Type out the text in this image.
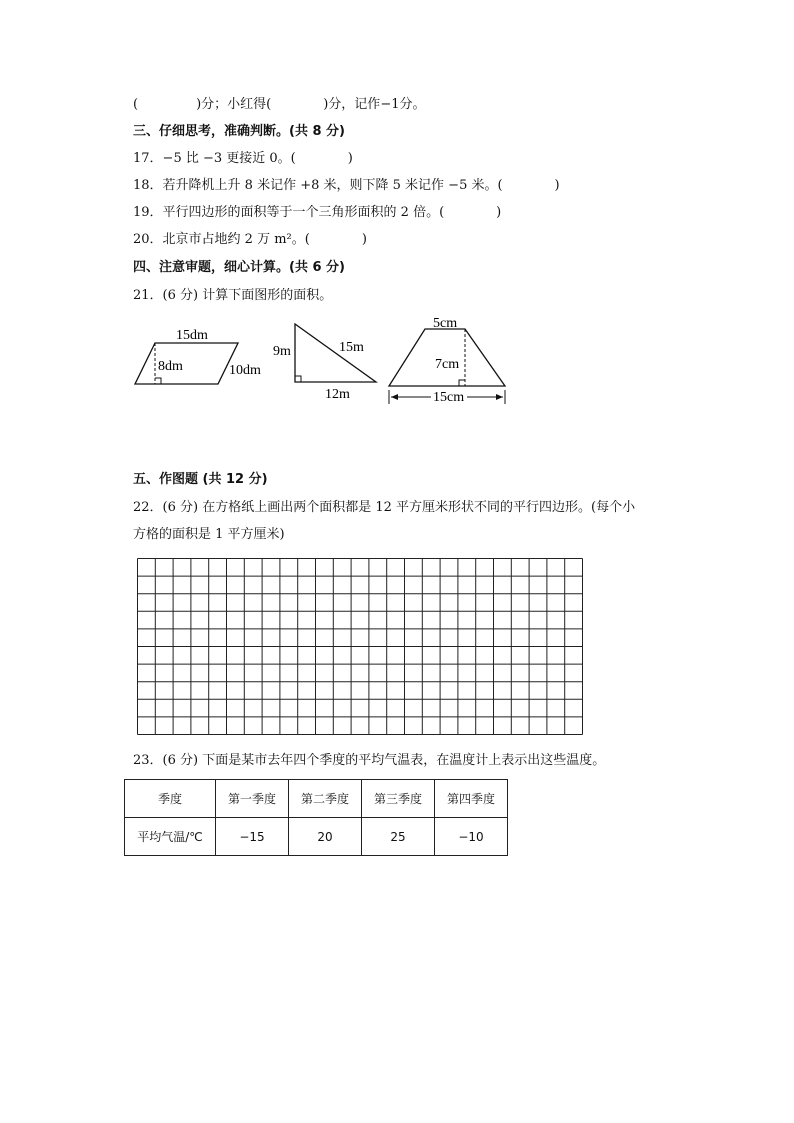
(	)分；小红得(	)分，记作−1分。
三、仔细思考，准确判断。(共 8 分)
17．−5 比 −3 更接近 0。(	)
18．若升降机上升 8 米记作 +8 米，则下降 5 米记作 −5 米。(	)
19．平行四边形的面积等于一个三角形面积的 2 倍。(	)
20．北京市占地约 2 万 m²。(	)
四、注意审题，细心计算。(共 6 分)
21．(6 分) 计算下面图形的面积。
15dm
8dm	10dm
9m	15m
12m
5cm
7cm
15cm
五、作图题 (共 12 分)
22．(6 分) 在方格纸上画出两个面积都是 12 平方厘米形状不同的平行四边形。(每个小
方格的面积是 1 平方厘米)
23．(6 分) 下面是某市去年四个季度的平均气温表，在温度计上表示出这些温度。
季度	第一季度	第二季度	第三季度	第四季度
平均气温/℃	−15	20	25	−10
